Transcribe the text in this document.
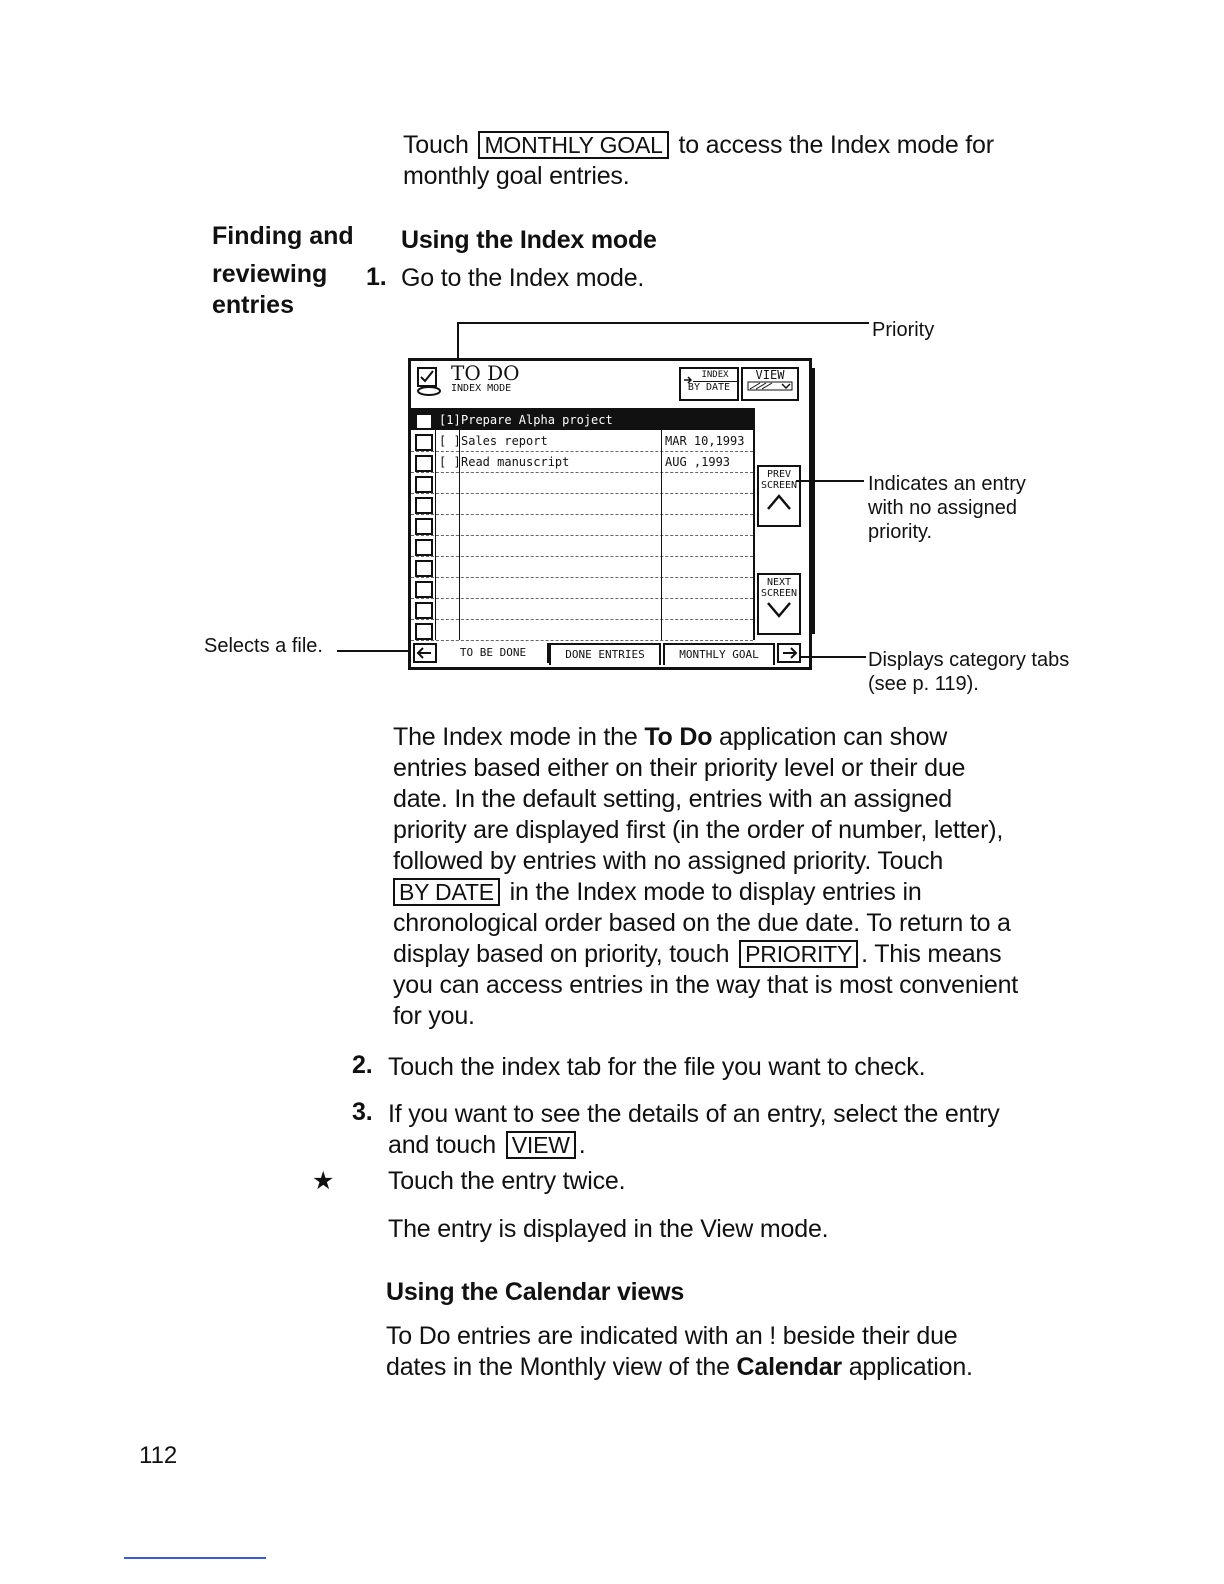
Touch MONTHLY GOAL to access the Index mode for
monthly goal entries.
Finding and
reviewing
entries
Using the Index mode
1. Go to the Index mode.
Priority
TO DO
INDEX MODE
INDEX
BY DATE
VIEW
[1] Prepare Alpha project
[ ] Sales report	MAR 10,1993
[ ] Read manuscript	AUG ,1993
PREV SCREEN
NEXT SCREEN
TO BE DONE	DONE ENTRIES	MONTHLY GOAL
Indicates an entry
with no assigned
priority.
Selects a file.
Displays category tabs
(see p. 119).
The Index mode in the To Do application can show
entries based either on their priority level or their due
date. In the default setting, entries with an assigned
priority are displayed first (in the order of number, letter),
followed by entries with no assigned priority. Touch
BY DATE in the Index mode to display entries in
chronological order based on the due date. To return to a
display based on priority, touch PRIORITY . This means
you can access entries in the way that is most convenient
for you.
2. Touch the index tab for the file you want to check.
3. If you want to see the details of an entry, select the entry
and touch VIEW .
★ Touch the entry twice.
The entry is displayed in the View mode.
Using the Calendar views
To Do entries are indicated with an ! beside their due
dates in the Monthly view of the Calendar application.
112
